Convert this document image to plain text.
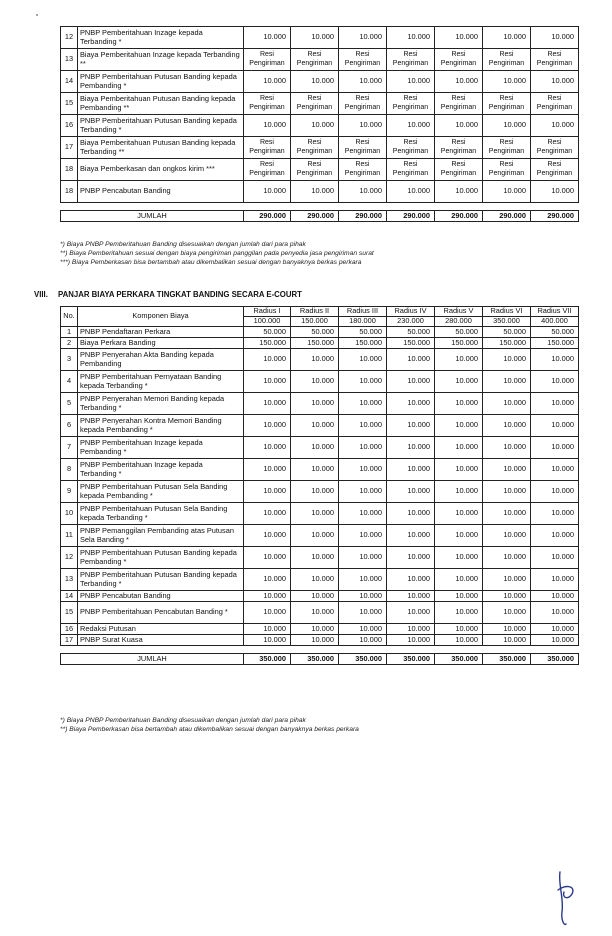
12	PNBP Pemberitahuan Inzage kepada Terbanding *	10.000	10.000	10.000	10.000	10.000	10.000	10.000
13	Biaya Pemberitahuan Inzage kepada Terbanding **	Resi Pengiriman	Resi Pengiriman	Resi Pengiriman	Resi Pengiriman	Resi Pengiriman	Resi Pengiriman	Resi Pengiriman
14	PNBP Pemberitahuan Putusan Banding kepada Pembanding *	10.000	10.000	10.000	10.000	10.000	10.000	10.000
15	Biaya Pemberitahuan Putusan Banding kepada Pembanding **	Resi Pengiriman	Resi Pengiriman	Resi Pengiriman	Resi Pengiriman	Resi Pengiriman	Resi Pengiriman	Resi Pengiriman
16	PNBP Pemberitahuan Putusan Banding kepada Terbanding *	10.000	10.000	10.000	10.000	10.000	10.000	10.000
17	Biaya Pemberitahuan Putusan Banding kepada Terbanding **	Resi Pengiriman	Resi Pengiriman	Resi Pengiriman	Resi Pengiriman	Resi Pengiriman	Resi Pengiriman	Resi Pengiriman
18	Biaya Pemberkasan dan ongkos kirim ***	Resi Pengiriman	Resi Pengiriman	Resi Pengiriman	Resi Pengiriman	Resi Pengiriman	Resi Pengiriman	Resi Pengiriman
18	PNBP Pencabutan Banding	10.000	10.000	10.000	10.000	10.000	10.000	10.000

JUMLAH		290.000	290.000	290.000	290.000	290.000	290.000	290.000

*) Biaya PNBP Pemberitahuan Banding disesuaikan dengan jumlah dari para pihak

**) Biaya Pemberitahuan sesuai dengan biaya pengiriman panggilan pada penyedia jasa pengiriman surat

***) Biaya Pemberkasan bisa bertambah atau dikembalikan sesuai dengan banyaknya berkas perkara

VIII. PANJAR BIAYA PERKARA TINGKAT BANDING SECARA E-COURT
No.	Komponen Biaya	Radius I	Radius II	Radius III	Radius IV	Radius V	Radius VI	Radius VII
		100.000	150.000	180.000	230.000	280.000	350.000	400.000
1	PNBP Pendaftaran Perkara	50.000	50.000	50.000	50.000	50.000	50.000	50.000
2	Biaya Perkara Banding	150.000	150.000	150.000	150.000	150.000	150.000	150.000
3	PNBP Penyerahan Akta Banding kepada Pembanding	10.000	10.000	10.000	10.000	10.000	10.000	10.000
4	PNBP Pemberitahuan Pernyataan Banding kepada Terbanding *	10.000	10.000	10.000	10.000	10.000	10.000	10.000
5	PNBP Penyerahan Memori Banding kepada Terbanding *	10.000	10.000	10.000	10.000	10.000	10.000	10.000
6	PNBP Penyerahan Kontra Memori Banding kepada Pembanding *	10.000	10.000	10.000	10.000	10.000	10.000	10.000
7	PNBP Pemberitahuan Inzage kepada Pembanding *	10.000	10.000	10.000	10.000	10.000	10.000	10.000
8	PNBP Pemberitahuan Inzage kepada Terbanding *	10.000	10.000	10.000	10.000	10.000	10.000	10.000
9	PNBP Pemberitahuan Putusan Sela Banding kepada Pembanding *	10.000	10.000	10.000	10.000	10.000	10.000	10.000
10	PNBP Pemberitahuan Putusan Sela Banding kepada Terbanding *	10.000	10.000	10.000	10.000	10.000	10.000	10.000
11	PNBP Pemanggilan Pembanding atas Putusan Sela Banding *	10.000	10.000	10.000	10.000	10.000	10.000	10.000
12	PNBP Pemberitahuan Putusan Banding kepada Pembanding *	10.000	10.000	10.000	10.000	10.000	10.000	10.000
13	PNBP Pemberitahuan Putusan Banding kepada Terbanding *	10.000	10.000	10.000	10.000	10.000	10.000	10.000
14	PNBP Pencabutan Banding	10.000	10.000	10.000	10.000	10.000	10.000	10.000
15	PNBP Pemberitahuan Pencabutan Banding *	10.000	10.000	10.000	10.000	10.000	10.000	10.000
16	Redaksi Putusan	10.000	10.000	10.000	10.000	10.000	10.000	10.000
17	PNBP Surat Kuasa	10.000	10.000	10.000	10.000	10.000	10.000	10.000

JUMLAH		350.000	350.000	350.000	350.000	350.000	350.000	350.000

*) Biaya PNBP Pemberitahuan Banding disesuaikan dengan jumlah dari para pihak

**) Biaya Pemberkasan bisa bertambah atau dikembalikan sesuai dengan banyaknya berkas perkara
